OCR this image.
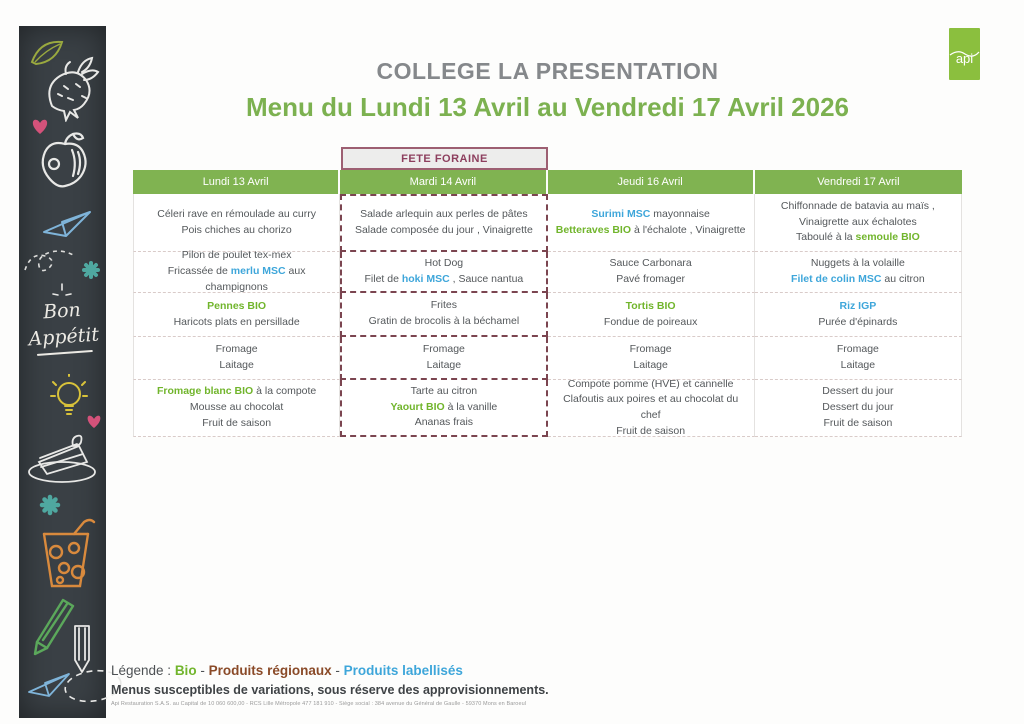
Bon
Appétit
api
COLLEGE LA PRESENTATION
Menu du Lundi 13 Avril au Vendredi 17 Avril 2026
FETE FORAINE
Lundi 13 Avril
Céleri rave en rémoulade au curry
Pois chiches au chorizo
Pilon de poulet tex-mex
Fricassée de merlu MSC aux champignons
Pennes BIO
Haricots plats en persillade
Fromage
Laitage
Fromage blanc BIO à la compote
Mousse au chocolat
Fruit de saison
Mardi 14 Avril
Salade arlequin aux perles de pâtes
Salade composée du jour , Vinaigrette
Hot Dog
Filet de hoki MSC , Sauce nantua
Frites
Gratin de brocolis à la béchamel
Fromage
Laitage
Tarte au citron
Yaourt BIO à la vanille
Ananas frais
Jeudi 16 Avril
Surimi MSC mayonnaise
Betteraves BIO à l'échalote , Vinaigrette
Sauce Carbonara
Pavé fromager
Tortis BIO
Fondue de poireaux
Fromage
Laitage
Compote pomme (HVE) et cannelle
Clafoutis aux poires et au chocolat du chef
Fruit de saison
Vendredi 17 Avril
Chiffonnade de batavia au maïs , Vinaigrette aux échalotes
Taboulé à la semoule BIO
Nuggets à la volaille
Filet de colin MSC au citron
Riz IGP
Purée d'épinards
Fromage
Laitage
Dessert du jour
Dessert du jour
Fruit de saison
Légende : Bio - Produits régionaux - Produits labellisés
Menus susceptibles de variations, sous réserve des approvisionnements.
Api Restauration S.A.S. au Capital de 10 060 600,00 - RCS Lille Métropole 477 181 910 - Siège social : 384 avenue du Général de Gaulle - 59370 Mons en Baroeul
